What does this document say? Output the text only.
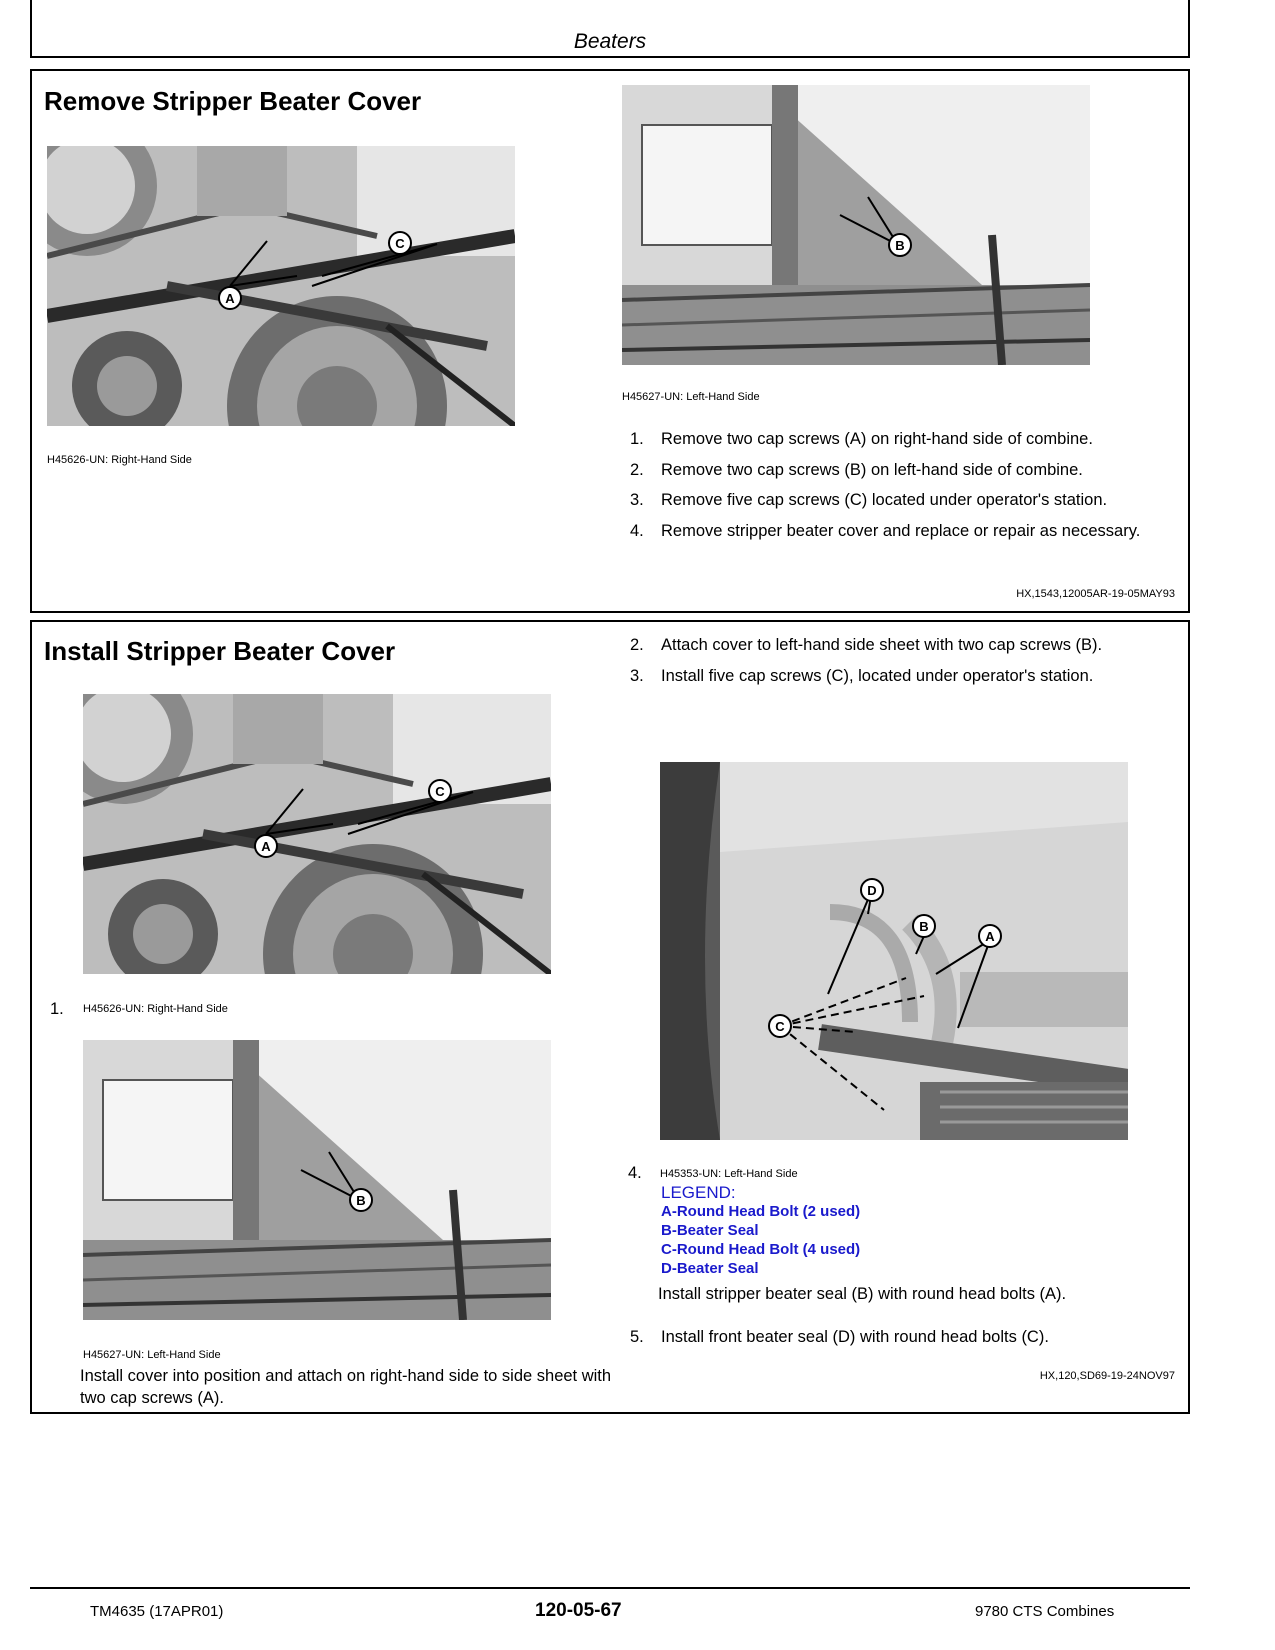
Beaters
Remove Stripper Beater Cover
A
C
H45626-UN: Right-Hand Side
B
H45627-UN: Left-Hand Side
1. Remove two cap screws (A) on right-hand side of combine.
2. Remove two cap screws (B) on left-hand side of combine.
3. Remove five cap screws (C) located under operator's station.
4. Remove stripper beater cover and replace or repair as necessary.
HX,1543,12005AR-19-05MAY93
Install Stripper Beater Cover
A
C
1. H45626-UN: Right-Hand Side
B
H45627-UN: Left-Hand Side
Install cover into position and attach on right-hand side to side sheet with two cap screws (A).
2. Attach cover to left-hand side sheet with two cap screws (B).
3. Install five cap screws (C), located under operator's station.
D
B
A
C
4. H45353-UN: Left-Hand Side
LEGEND:
A-Round Head Bolt (2 used)
B-Beater Seal
C-Round Head Bolt (4 used)
D-Beater Seal
Install stripper beater seal (B) with round head bolts (A).
5. Install front beater seal (D) with round head bolts (C).
HX,120,SD69-19-24NOV97
TM4635 (17APR01)	120-05-67	9780 CTS Combines
